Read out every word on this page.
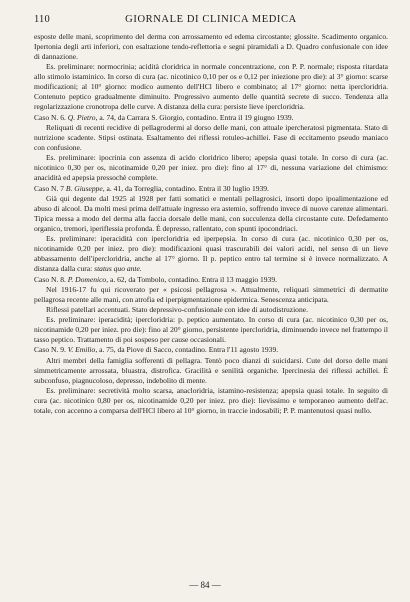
110	GIORNALE DI CLINICA MEDICA

esposte delle mani, scoprimento del derma con arrossamento ed edema circostante; glossite. Scadimento organico. Ipertonia degli arti inferiori, con esaltazione tendo-reflettoria e segni piramidali a D. Quadro confusionale con idee di dannazione.

Es. preliminare: normocrinia; acidità cloridrica in normale concentrazione, con P. P. normale; risposta ritardata allo stimolo istaminico. In corso di cura (ac. nicotinico 0,10 per os e 0,12 per iniezione pro die): al 3° giorno: scarse modificazioni; al 10° giorno: modico aumento dell'HCl libero e combinato; al 17° giorno: netta ipercloridria. Contenuto peptico gradualmente diminuito. Progressivo aumento delle quantità secrete di succo. Tendenza alla regolarizzazione cronotropa delle curve. A distanza della cura: persiste lieve ipercloridria.

Caso N. 6. Q. Pietro, a. 74, da Carrara S. Giorgio, contadino. Entra il 19 giugno 1939.

Reliquati di recenti recidive di pellagrodermi al dorso delle mani, con attuale ipercheratosi pigmentata. Stato di nutrizione scadente. Stipsi ostinata. Esaltamento dei riflessi rotuleo-achillei. Fase di eccitamento pseudo maniaco con confusione.

Es. preliminare: ipocrinia con assenza di acido cloridrico libero; apepsia quasi totale. In corso di cura (ac. nicotinico 0,30 per os, nicotinamide 0,20 per iniez. pro die): fino al 17° di, nessuna variazione del chimismo: anacidità ed apepsia pressochè complete.

Caso N. 7 B. Giuseppe, a. 41, da Torreglia, contadino. Entra il 30 luglio 1939.

Già qui degente dal 1925 al 1928 per fatti somatici e mentali pellagrosici, insorti dopo ipoalimentazione ed abuso di alcool. Da molti mesi prima dell'attuale ingresso era astemio, soffrendo invece di nuove carenze alimentari. Tipica messa a modo del derma alla faccia dorsale delle mani, con succulenza della circostante cute. Defedamento organico, tremori, iperiflessia profonda. È depresso, rallentato, con spunti ipocondriaci.

Es. preliminare: iperacidità con ipercloridria ed iperpepsia. In corso di cura (ac. nicotinico 0,30 per os, nicotinamide 0,20 per iniez. pro die): modificazioni quasi trascurabili dei valori acidi, nel senso di un lieve abbassamento dell'ipercloridria, anche al 17° giorno. Il p. peptico entro tal termine si è invece normalizzato. A distanza dalla cura: status quo ante.

Caso N. 8. P. Domenico, a. 62, da Tombolo, contadino. Entra il 13 maggio 1939.

Nel 1916-17 fu qui ricoverato per « psicosi pellagrosa ». Attualmente, reliquati simmetrici di dermatite pellagrosa recente alle mani, con atrofia ed iperpigmentazione epidermica. Senescenza anticipata.

Riflessi patellari accentuati. Stato depressivo-confusionale con idee di autodistruzione.

Es. preliminare: iperacidità; ipercloridria: p. peptico aumentato. In corso di cura (ac. nicotinico 0,30 per os, nicotinamide 0,20 per iniez. pro die): fino al 20° giorno, persistente ipercloridria, diminuendo invece nel frattempo il tasso peptico. Trattamento di poi sospeso per cause occasionali.

Caso N. 9. V. Emilio, a. 75, da Piove di Sacco, contadino. Entra l'11 agosto 1939.

Altri membri della famiglia sofferenti di pellagra. Tentò poco dianzi di suicidarsi. Cute del dorso delle mani simmetricamente arrossata, bluastra, distrofica. Gracilità e senilità organiche. Ipercinesia dei riflessi achillei. È subconfuso, piagnucoloso, depresso, indebolito di mente.

Es. preliminare: secretività molto scarsa, anacloridria, istamino-resistenza; apepsia quasi totale. In seguito di cura (ac. nicotinico 0,80 per os, nicotinamide 0,20 per iniez. pro die): lievissimo e temporaneo aumento dell'ac. totale, con accenno a comparsa dell'HCl libero al 10° giorno, in traccie indosabili; P. P. mantenutosi quasi nullo.

— 84 —
